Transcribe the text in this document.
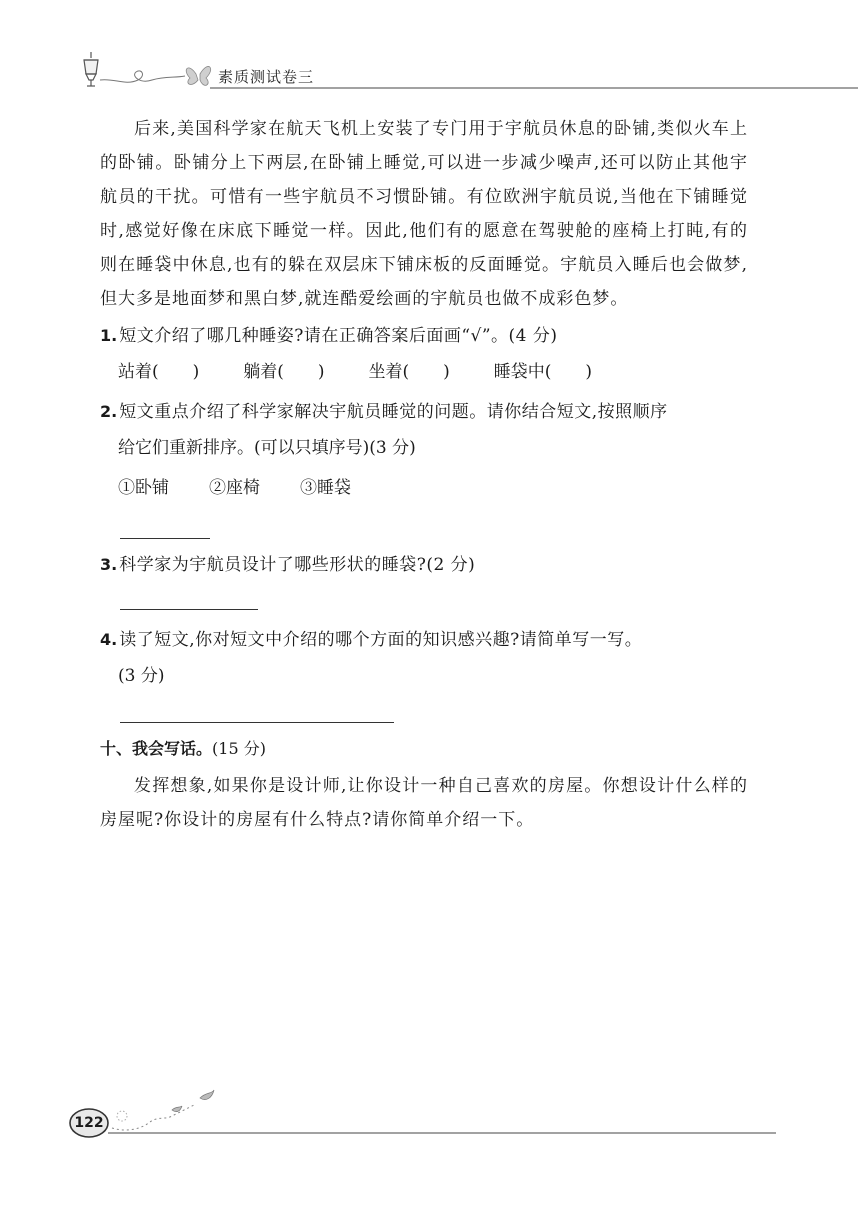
素质测试卷三

后来,美国科学家在航天飞机上安装了专门用于宇航员休息的卧铺,类似火车上的卧铺。卧铺分上下两层,在卧铺上睡觉,可以进一步减少噪声,还可以防止其他宇航员的干扰。可惜有一些宇航员不习惯卧铺。有位欧洲宇航员说,当他在下铺睡觉时,感觉好像在床底下睡觉一样。因此,他们有的愿意在驾驶舱的座椅上打盹,有的则在睡袋中休息,也有的躲在双层床下铺床板的反面睡觉。宇航员入睡后也会做梦,但大多是地面梦和黑白梦,就连酷爱绘画的宇航员也做不成彩色梦。

1. 短文介绍了哪几种睡姿?请在正确答案后面画“√”。(4 分)

站着(　　)	躺着(　　)	坐着(　　)	睡袋中(　　)

2. 短文重点介绍了科学家解决宇航员睡觉的问题。请你结合短文,按照顺序

给它们重新排序。(可以只填序号)(3 分)

①卧铺 ②座椅 ③睡袋

3. 科学家为宇航员设计了哪些形状的睡袋?(2 分)

4. 读了短文,你对短文中介绍的哪个方面的知识感兴趣?请简单写一写。

(3 分)

十、我会写话。(15 分)

发挥想象,如果你是设计师,让你设计一种自己喜欢的房屋。你想设计什么样的房屋呢?你设计的房屋有什么特点?请你简单介绍一下。

122
